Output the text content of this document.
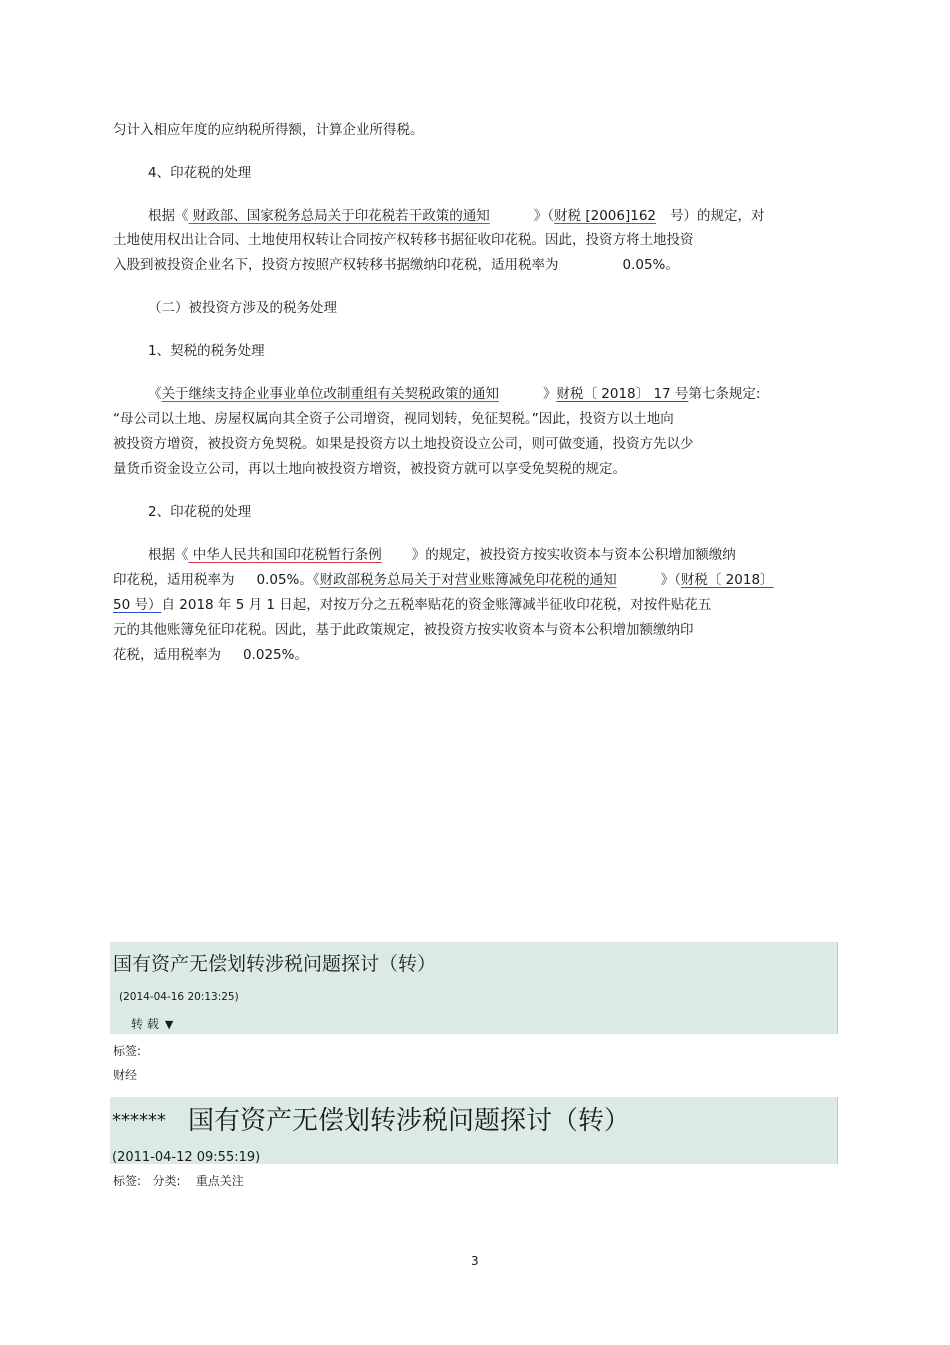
匀计入相应年度的应纳税所得额，计算企业所得税。
4、印花税的处理
根据《 财政部、国家税务总局关于印花税若干政策的通知	》（财税 [2006]162 号）的规定，对
土地使用权出让合同、土地使用权转让合同按产权转移书据征收印花税。因此，投资方将土地投资
入股到被投资企业名下，投资方按照产权转移书据缴纳印花税，适用税率为	0.05%。
（二）被投资方涉及的税务处理
1、契税的税务处理
《关于继续支持企业事业单位改制重组有关契税政策的通知	》财税〔 2018〕 17 号第七条规定:
“母公司以土地、房屋权属向其全资子公司增资，视同划转，免征契税。”因此，投资方以土地向
被投资方增资，被投资方免契税。如果是投资方以土地投资设立公司，则可做变通，投资方先以少
量货币资金设立公司，再以土地向被投资方增资，被投资方就可以享受免契税的规定。
2、印花税的处理
根据《 中华人民共和国印花税暂行条例 》的规定，被投资方按实收资本与资本公积增加额缴纳
印花税，适用税率为 0.05%。《财政部税务总局关于对营业账簿减免印花税的通知	》（财税〔 2018〕
50 号）自 2018 年 5 月 1 日起，对按万分之五税率贴花的资金账簿减半征收印花税，对按件贴花五
元的其他账簿免征印花税。因此，基于此政策规定，被投资方按实收资本与资本公积增加额缴纳印
花税，适用税率为 0.025%。
国有资产无偿划转涉税问题探讨（转）
(2014-04-16 20:13:25)
转 载 ▼
标签:
财经
****** 国有资产无偿划转涉税问题探讨（转）
(2011-04-12 09:55:19)
标签:   分类:    重点关注
3
